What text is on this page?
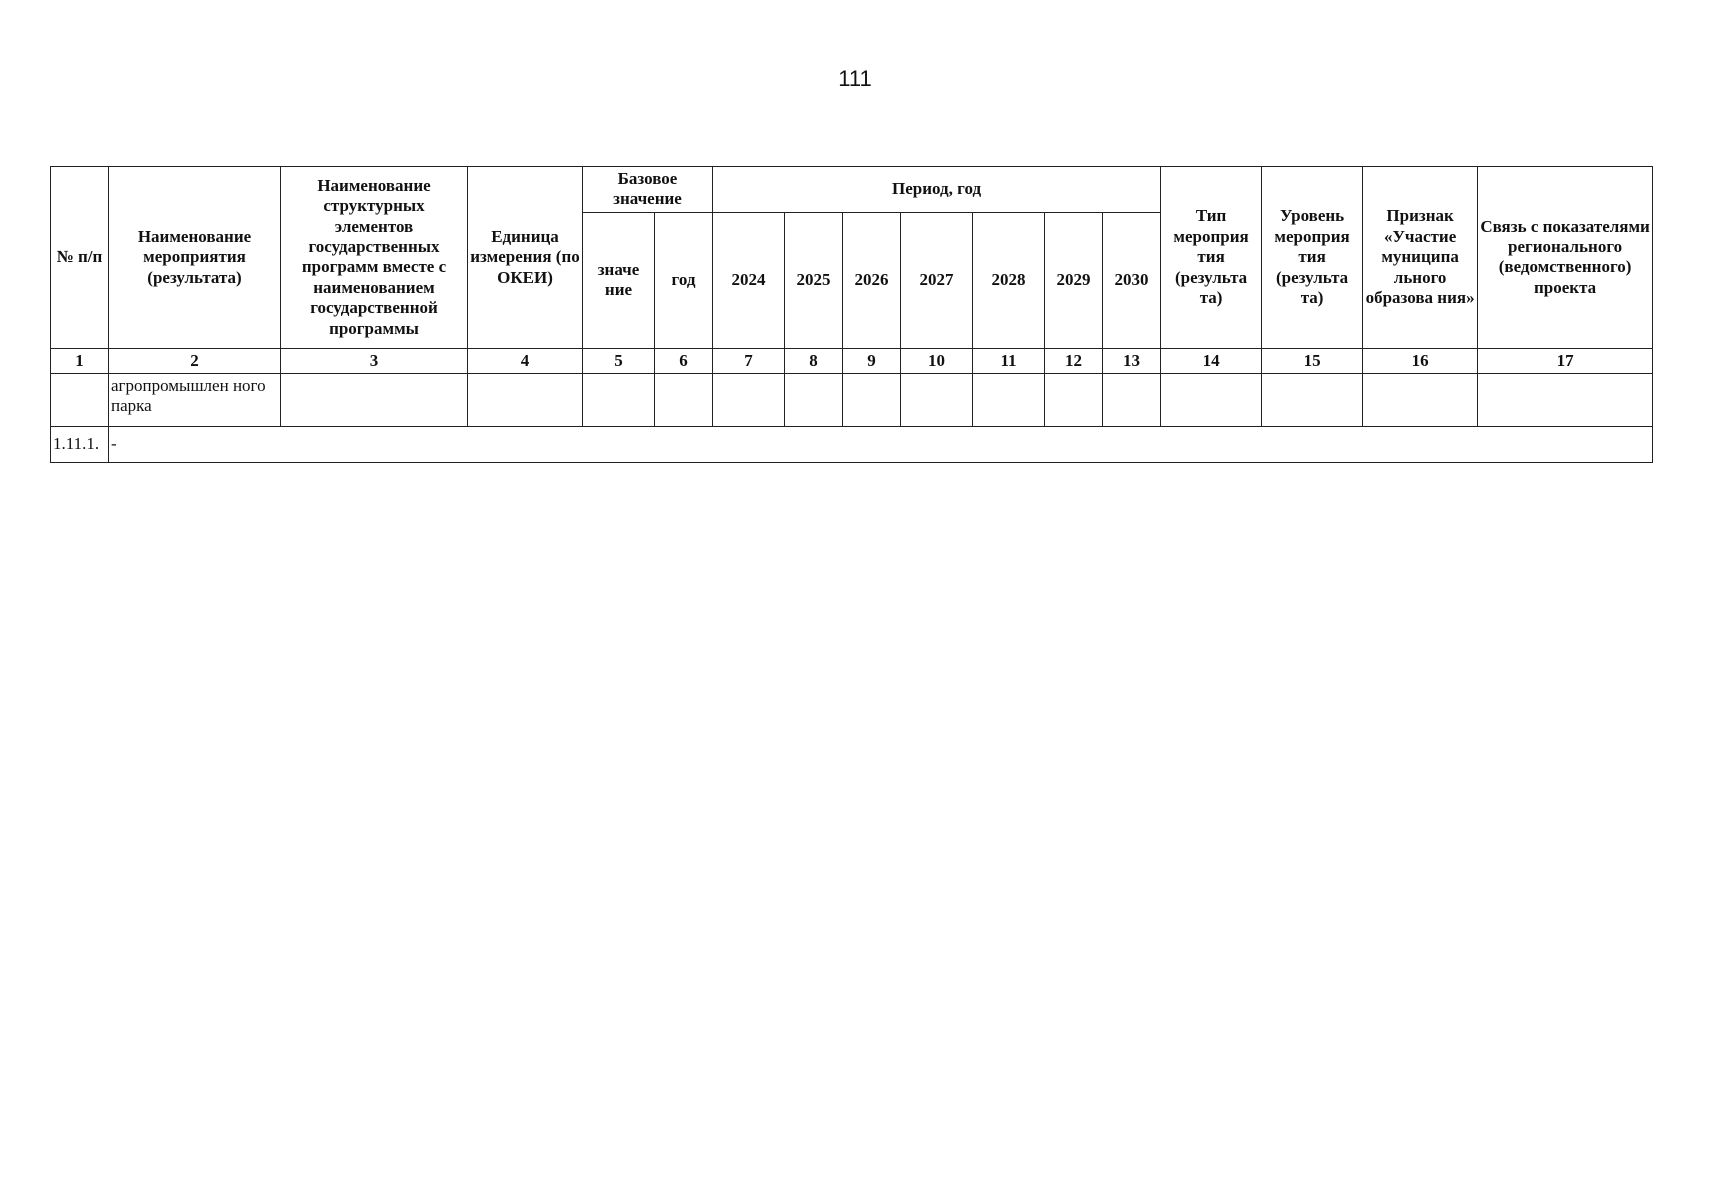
111
№ п/п	Наименование мероприятия (результата)	Наименование структурных элементов государственных программ вместе с наименованием государственной программы	Единица измерения (по ОКЕИ)	Базовое значение		Период, год							Тип мероприя тия (результа та)	Уровень мероприя тия (результа та)	Признак «Участие муниципа льного образова ния»	Связь с показателями регионального (ведомственного) проекта
				значе ние	год	2024	2025	2026	2027	2028	2029	2030				
1	2	3	4	5	6	7	8	9	10	11	12	13	14	15	16	17
	агропромышлен ного парка															
1.11.1.	-															
